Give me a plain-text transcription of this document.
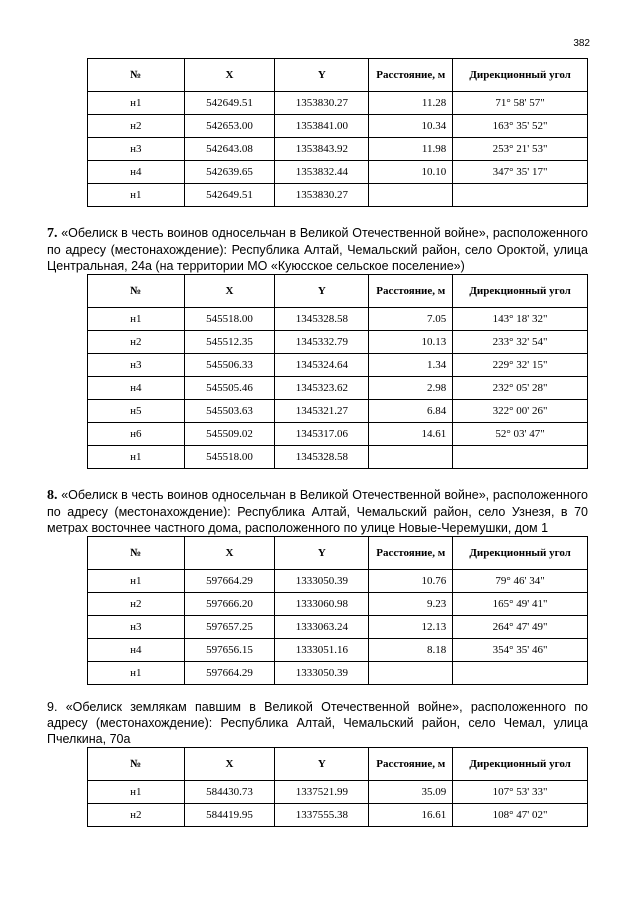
382
№	X	Y	Расстояние, м	Дирекционный угол
н1	542649.51	1353830.27	11.28	71° 58' 57"
н2	542653.00	1353841.00	10.34	163° 35' 52"
н3	542643.08	1353843.92	11.98	253° 21' 53"
н4	542639.65	1353832.44	10.10	347° 35' 17"
н1	542649.51	1353830.27		

7. «Обелиск в честь воинов односельчан в Великой Отечественной войне», расположенного по адресу (местонахождение): Республика Алтай, Чемальский район, село Ороктой, улица Центральная, 24а (на территории МО «Куюсское сельское поселение»)

№	X	Y	Расстояние, м	Дирекционный угол
н1	545518.00	1345328.58	7.05	143° 18' 32"
н2	545512.35	1345332.79	10.13	233° 32' 54"
н3	545506.33	1345324.64	1.34	229° 32' 15"
н4	545505.46	1345323.62	2.98	232° 05' 28"
н5	545503.63	1345321.27	6.84	322° 00' 26"
н6	545509.02	1345317.06	14.61	52° 03' 47"
н1	545518.00	1345328.58		

8. «Обелиск в честь воинов односельчан в Великой Отечественной войне», расположенного по адресу (местонахождение): Республика Алтай, Чемальский район, село Узнезя, в 70 метрах восточнее частного дома, расположенного по улице Новые-Черемушки, дом 1

№	X	Y	Расстояние, м	Дирекционный угол
н1	597664.29	1333050.39	10.76	79° 46' 34"
н2	597666.20	1333060.98	9.23	165° 49' 41"
н3	597657.25	1333063.24	12.13	264° 47' 49"
н4	597656.15	1333051.16	8.18	354° 35' 46"
н1	597664.29	1333050.39		

9. «Обелиск землякам павшим в Великой Отечественной войне», расположенного по адресу (местонахождение): Республика Алтай, Чемальский район, село Чемал, улица Пчелкина, 70а

№	X	Y	Расстояние, м	Дирекционный угол
н1	584430.73	1337521.99	35.09	107° 53' 33"
н2	584419.95	1337555.38	16.61	108° 47' 02"
